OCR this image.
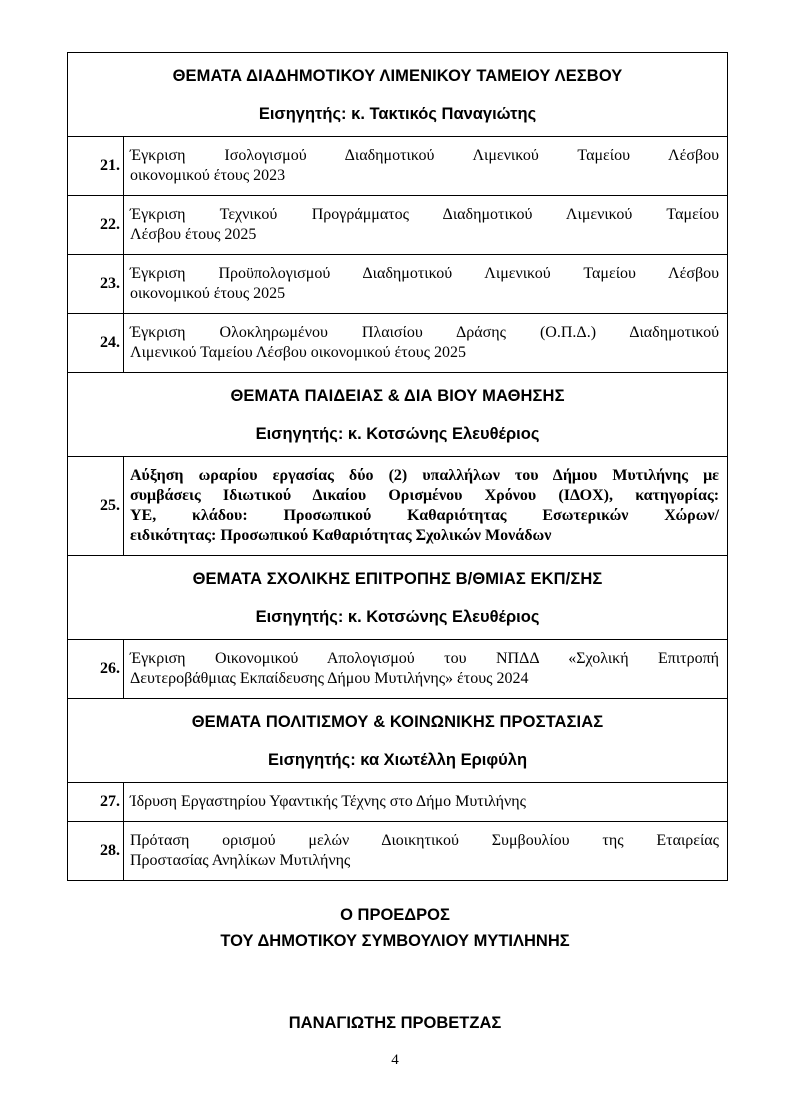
ΘΕΜΑΤΑ ΔΙΑΔΗΜΟΤΙΚΟΥ ΛΙΜΕΝΙΚΟΥ ΤΑΜΕΙΟΥ ΛΕΣΒΟΥ
Εισηγητής: κ. Τακτικός Παναγιώτης	

21.	Έγκριση Ισολογισμού Διαδημοτικού Λιμενικού Ταμείου Λέσβου
οικονομικού έτους 2023

22.	Έγκριση Τεχνικού Προγράμματος Διαδημοτικού Λιμενικού Ταμείου
Λέσβου έτους 2025

23.	Έγκριση Προϋπολογισμού Διαδημοτικού Λιμενικού Ταμείου Λέσβου
οικονομικού έτους 2025

24.	Έγκριση Ολοκληρωμένου Πλαισίου Δράσης (Ο.Π.Δ.) Διαδημοτικού
Λιμενικού Ταμείου Λέσβου οικονομικού έτους 2025

ΘΕΜΑΤΑ ΠΑΙΔΕΙΑΣ & ΔΙΑ ΒΙΟΥ ΜΑΘΗΣΗΣ
Εισηγητής: κ. Κοτσώνης Ελευθέριος	

25.	Αύξηση ωραρίου εργασίας δύο (2) υπαλλήλων του Δήμου Μυτιλήνης με
συμβάσεις Ιδιωτικού Δικαίου Ορισμένου Χρόνου (ΙΔΟΧ), κατηγορίας:
ΥΕ, κλάδου: Προσωπικού Καθαριότητας Εσωτερικών Χώρων/
ειδικότητας: Προσωπικού Καθαριότητας Σχολικών Μονάδων

ΘΕΜΑΤΑ ΣΧΟΛΙΚΗΣ ΕΠΙΤΡΟΠΗΣ Β/ΘΜΙΑΣ ΕΚΠ/ΣΗΣ
Εισηγητής: κ. Κοτσώνης Ελευθέριος	

26.	Έγκριση Οικονομικού Απολογισμού του ΝΠΔΔ «Σχολική Επιτροπή
Δευτεροβάθμιας Εκπαίδευσης Δήμου Μυτιλήνης» έτους 2024

ΘΕΜΑΤΑ ΠΟΛΙΤΙΣΜΟΥ & ΚΟΙΝΩΝΙΚΗΣ ΠΡΟΣΤΑΣΙΑΣ
Εισηγητής: κα Χιωτέλλη Εριφύλη	

27.	Ίδρυση Εργαστηρίου Υφαντικής Τέχνης στο Δήμο Μυτιλήνης

28.	Πρόταση ορισμού μελών Διοικητικού Συμβουλίου της Εταιρείας
Προστασίας Ανηλίκων Μυτιλήνης
Ο ΠΡΟΕΔΡΟΣ
ΤΟΥ ΔΗΜΟΤΙΚΟΥ ΣΥΜΒΟΥΛΙΟΥ ΜΥΤΙΛΗΝΗΣ
ΠΑΝΑΓΙΩΤΗΣ ΠΡΟΒΕΤΖΑΣ
4
